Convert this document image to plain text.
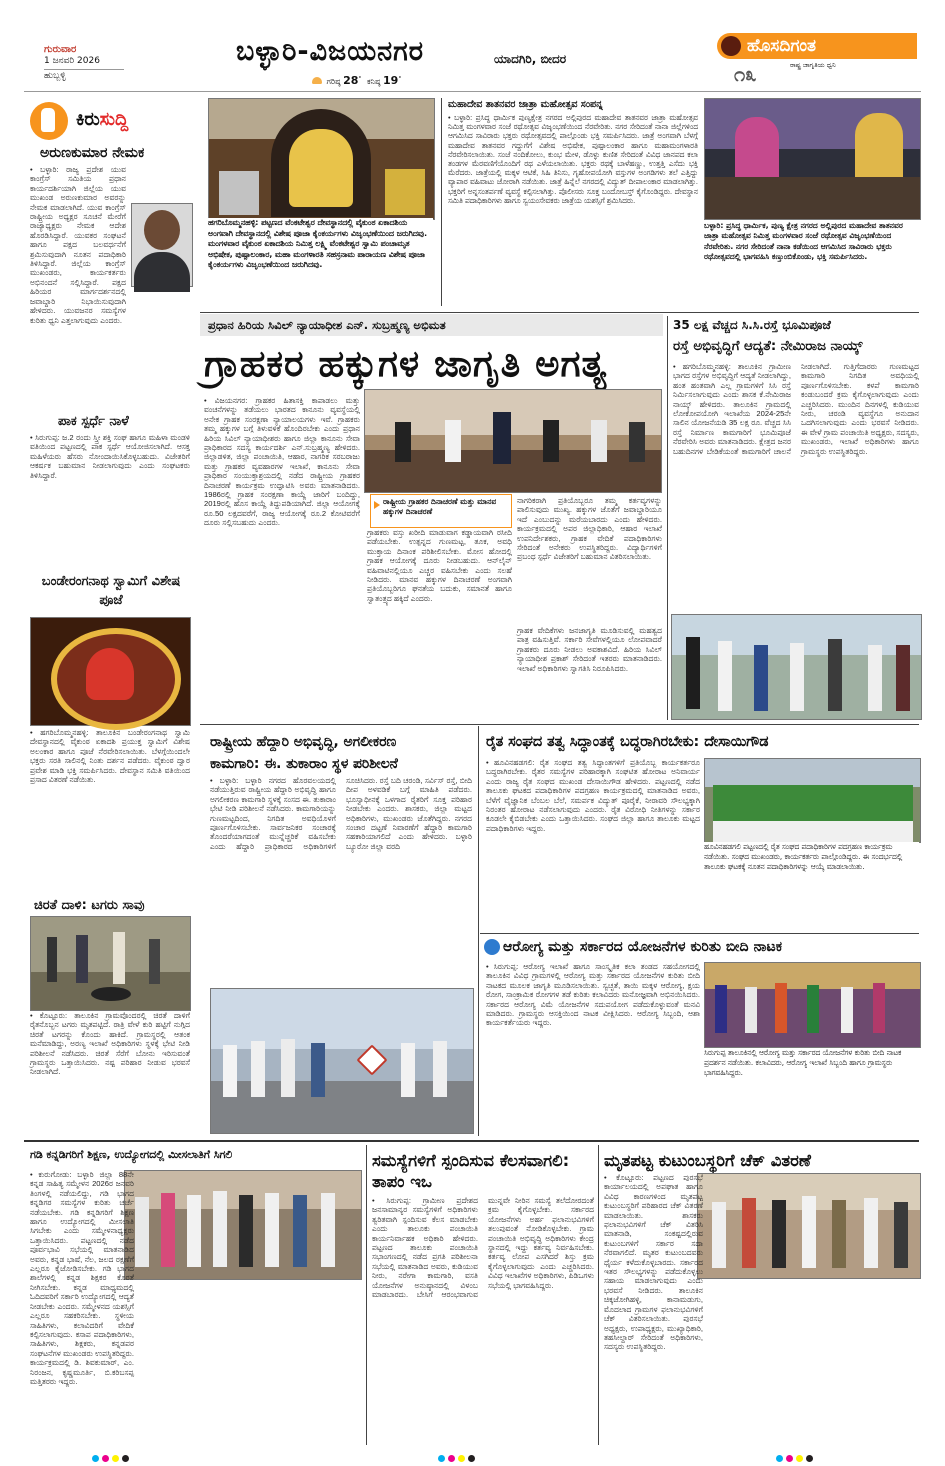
ಗುರುವಾರ
1 ಜನವರಿ 2026
ಹುಬ್ಬಳ್ಳಿ
ಬಳ್ಳಾರಿ-ವಿಜಯನಗರ	ಯಾದಗಿರಿ, ಬೀದರ
ಗರಿಷ್ಠ 28° ಕನಿಷ್ಠ 19°
ಹೊಸದಿಗಂತ
ರಾಷ್ಟ್ರ ಜಾಗೃತಿಯ ಧ್ವನಿ
೧೩
ಕಿರುಸುದ್ದಿ
ಅರುಣಕುಮಾರ ನೇಮಕ

• ಬಳ್ಳಾರಿ: ರಾಜ್ಯ ಪ್ರದೇಶ ಯುವ ಕಾಂಗ್ರೆಸ್ ಸಮಿತಿಯ ಪ್ರಧಾನ ಕಾರ್ಯದರ್ಶಿಯಾಗಿ ಜಿಲ್ಲೆಯ ಯುವ ಮುಖಂಡ ಅರುಣಕುಮಾರ ಅವರನ್ನು ನೇಮಕ ಮಾಡಲಾಗಿದೆ. ಯುವ ಕಾಂಗ್ರೆಸ್ ರಾಷ್ಟ್ರೀಯ ಅಧ್ಯಕ್ಷರ ಸೂಚನೆ ಮೇರೆಗೆ ರಾಜ್ಯಾಧ್ಯಕ್ಷರು ನೇಮಕ ಆದೇಶ ಹೊರಡಿಸಿದ್ದಾರೆ. ಯುವಕರ ಸಂಘಟನೆ ಹಾಗೂ ಪಕ್ಷದ ಬಲವರ್ಧನೆಗೆ ಶ್ರಮಿಸುವುದಾಗಿ ನೂತನ ಪದಾಧಿಕಾರಿ ತಿಳಿಸಿದ್ದಾರೆ. ಜಿಲ್ಲೆಯ ಕಾಂಗ್ರೆಸ್ ಮುಖಂಡರು, ಕಾರ್ಯಕರ್ತರು ಅಭಿನಂದನೆ ಸಲ್ಲಿಸಿದ್ದಾರೆ. ಪಕ್ಷದ ಹಿರಿಯರ ಮಾರ್ಗದರ್ಶನದಲ್ಲಿ ಜವಾಬ್ದಾರಿ ನಿಭಾಯಿಸುವುದಾಗಿ ಹೇಳಿದರು. ಯುವಜನರ ಸಮಸ್ಯೆಗಳ ಕುರಿತು ಧ್ವನಿ ಎತ್ತಲಾಗುವುದು ಎಂದರು.

ಪಾಕ ಸ್ಪರ್ಧೆ ನಾಳೆ

• ಸಿರುಗುಪ್ಪ: ಜ.2 ರಂದು ಸ್ತ್ರೀ ಶಕ್ತಿ ಸಂಘ ಹಾಗೂ ಮಹಿಳಾ ಮಂಡಳಿ ವತಿಯಿಂದ ಪಟ್ಟಣದಲ್ಲಿ ಪಾಕ ಸ್ಪರ್ಧೆ ಆಯೋಜಿಸಲಾಗಿದೆ. ಆಸಕ್ತ ಮಹಿಳೆಯರು ಹೆಸರು ನೋಂದಾಯಿಸಿಕೊಳ್ಳಬಹುದು. ವಿಜೇತರಿಗೆ ಆಕರ್ಷಕ ಬಹುಮಾನ ನೀಡಲಾಗುವುದು ಎಂದು ಸಂಘಟಕರು ತಿಳಿಸಿದ್ದಾರೆ.

ಬಂಡೇರಂಗನಾಥ ಸ್ವಾಮಿಗೆ ವಿಶೇಷ ಪೂಜೆ

• ಹಗರಿಬೊಮ್ಮನಹಳ್ಳಿ: ತಾಲೂಕಿನ ಬಂಡೇರಂಗನಾಥ ಸ್ವಾಮಿ ದೇವಸ್ಥಾನದಲ್ಲಿ ವೈಕುಂಠ ಏಕಾದಶಿ ಪ್ರಯುಕ್ತ ಸ್ವಾಮಿಗೆ ವಿಶೇಷ ಅಲಂಕಾರ ಹಾಗೂ ಪೂಜೆ ನೆರವೇರಿಸಲಾಯಿತು. ಬೆಳಗ್ಗೆಯಿಂದಲೇ ಭಕ್ತರು ಸರತಿ ಸಾಲಿನಲ್ಲಿ ನಿಂತು ದರ್ಶನ ಪಡೆದರು. ವೈಕುಂಠ ದ್ವಾರ ಪ್ರವೇಶ ಮಾಡಿ ಭಕ್ತಿ ಸಮರ್ಪಿಸಿದರು. ದೇವಸ್ಥಾನ ಸಮಿತಿ ವತಿಯಿಂದ ಪ್ರಸಾದ ವಿತರಣೆ ನಡೆಯಿತು.

ಚಿರತೆ ದಾಳಿ: ಟಗರು ಸಾವು

• ಕೊಟ್ಟೂರು: ತಾಲೂಕಿನ ಗ್ರಾಮವೊಂದರಲ್ಲಿ ಚಿರತೆ ದಾಳಿಗೆ ರೈತನೊಬ್ಬನ ಟಗರು ಮೃತಪಟ್ಟಿದೆ. ರಾತ್ರಿ ವೇಳೆ ಕುರಿ ಹಟ್ಟಿಗೆ ನುಗ್ಗಿದ ಚಿರತೆ ಟಗರನ್ನು ಕೊಂದು ಹಾಕಿದೆ. ಗ್ರಾಮಸ್ಥರಲ್ಲಿ ಆತಂಕ ಮನೆಮಾಡಿದ್ದು, ಅರಣ್ಯ ಇಲಾಖೆ ಅಧಿಕಾರಿಗಳು ಸ್ಥಳಕ್ಕೆ ಭೇಟಿ ನೀಡಿ ಪರಿಶೀಲನೆ ನಡೆಸಿದರು. ಚಿರತೆ ಸೆರೆಗೆ ಬೋನು ಇರಿಸುವಂತೆ ಗ್ರಾಮಸ್ಥರು ಒತ್ತಾಯಿಸಿದರು. ನಷ್ಟ ಪರಿಹಾರ ನೀಡುವ ಭರವಸೆ ನೀಡಲಾಗಿದೆ.

ಹಗರಿಬೊಮ್ಮನಹಳ್ಳಿ: ಪಟ್ಟಣದ ವೆಂಕಟೇಶ್ವರ ದೇವಸ್ಥಾನದಲ್ಲಿ ವೈಕುಂಠ ಏಕಾದಶಿಯ ಅಂಗವಾಗಿ ದೇವಸ್ಥಾನದಲ್ಲಿ ವಿಶೇಷ ಪೂಜಾ ಕೈಂಕರ್ಯಗಳು ವಿಜೃಂಭಣೆಯಿಂದ ಜರುಗಿದವು. ಮಂಗಳವಾರ ವೈಕುಂಠ ಏಕಾದಶಿಯ ನಿಮಿತ್ತ ಲಕ್ಷ್ಮಿ ವೆಂಕಟೇಶ್ವರ ಸ್ವಾಮಿ ಪಂಚಾಮೃತ ಅಭಿಷೇಕ, ಪುಷ್ಪಾಲಂಕಾರ, ಮಹಾ ಮಂಗಳಾರತಿ ಸಹಸ್ರನಾಮ ಪಾರಾಯಣ ವಿಶೇಷ ಪೂಜಾ ಕೈಂಕರ್ಯಗಳು ವಿಜೃಂಭಣೆಯಿಂದ ಜರುಗಿದವು.
ಮಹಾದೇವ ತಾತನವರ ಜಾತ್ರಾ ಮಹೋತ್ಸವ ಸಂಪನ್ನ

• ಬಳ್ಳಾರಿ: ಪ್ರಸಿದ್ಧ ಧಾರ್ಮಿಕ ಪುಣ್ಯಕ್ಷೇತ್ರ ನಗರದ ಅಲ್ಲಿಪುರದ ಮಹಾದೇವ ತಾತನವರ ಜಾತ್ರಾ ಮಹೋತ್ಸವ ನಿಮಿತ್ತ ಮಂಗಳವಾರ ಸಂಜೆ ರಥೋತ್ಸವ ವಿಜೃಂಭಣೆಯಿಂದ ನೆರವೇರಿತು. ನಗರ ಸೇರಿದಂತೆ ನಾನಾ ಜಿಲ್ಲೆಗಳಿಂದ ಆಗಮಿಸಿದ ಸಾವಿರಾರು ಭಕ್ತರು ರಥೋತ್ಸವದಲ್ಲಿ ಪಾಲ್ಗೊಂಡು ಭಕ್ತಿ ಸಮರ್ಪಿಸಿದರು. ಜಾತ್ರೆ ಅಂಗವಾಗಿ ಬೆಳಗ್ಗೆ ಮಹಾದೇವ ತಾತನವರ ಗದ್ದುಗೆಗೆ ವಿಶೇಷ ಅಭಿಷೇಕ, ಪುಷ್ಪಾಲಂಕಾರ ಹಾಗೂ ಮಹಾಮಂಗಳಾರತಿ ನೆರವೇರಿಸಲಾಯಿತು. ಸಂಜೆ ನಂದಿಕೋಲು, ಕುಂಭ ಮೇಳ, ಡೊಳ್ಳು ಕುಣಿತ ಸೇರಿದಂತೆ ವಿವಿಧ ಜಾನಪದ ಕಲಾ ತಂಡಗಳ ಮೆರವಣಿಗೆಯೊಂದಿಗೆ ರಥ ಎಳೆಯಲಾಯಿತು. ಭಕ್ತರು ರಥಕ್ಕೆ ಬಾಳೆಹಣ್ಣು, ಉತ್ತತ್ತಿ ಎಸೆದು ಭಕ್ತಿ ಮೆರೆದರು. ಜಾತ್ರೆಯಲ್ಲಿ ಮಕ್ಕಳ ಆಟಿಕೆ, ಸಿಹಿ ತಿನಿಸು, ಗೃಹೋಪಯೋಗಿ ವಸ್ತುಗಳ ಅಂಗಡಿಗಳು ತಲೆ ಎತ್ತಿದ್ದು ವ್ಯಾಪಾರ ವಹಿವಾಟು ಜೋರಾಗಿ ನಡೆಯಿತು. ಜಾತ್ರೆ ಹಿನ್ನೆಲೆ ನಗರದಲ್ಲಿ ವಿದ್ಯುತ್ ದೀಪಾಲಂಕಾರ ಮಾಡಲಾಗಿತ್ತು. ಭಕ್ತರಿಗೆ ಅನ್ನಸಂತರ್ಪಣೆ ವ್ಯವಸ್ಥೆ ಕಲ್ಪಿಸಲಾಗಿತ್ತು. ಪೊಲೀಸರು ಸೂಕ್ತ ಬಂದೋಬಸ್ತ್ ಕೈಗೊಂಡಿದ್ದರು. ದೇವಸ್ಥಾನ ಸಮಿತಿ ಪದಾಧಿಕಾರಿಗಳು ಹಾಗೂ ಸ್ವಯಂಸೇವಕರು ಜಾತ್ರೆಯ ಯಶಸ್ಸಿಗೆ ಶ್ರಮಿಸಿದರು.

ಬಳ್ಳಾರಿ: ಪ್ರಸಿದ್ಧ ಧಾರ್ಮಿಕ, ಪುಣ್ಯ ಕ್ಷೇತ್ರ ನಗರದ ಅಲ್ಲಿಪುರದ ಮಹಾದೇವ ತಾತನವರ ಜಾತ್ರಾ ಮಹೋತ್ಸವ ನಿಮಿತ್ತ ಮಂಗಳವಾರ ಸಂಜೆ ರಥೋತ್ಸವ ವಿಜೃಂಭಣೆಯಿಂದ ನೆರವೇರಿತು. ನಗರ ಸೇರಿದಂತೆ ನಾನಾ ಕಡೆಯಿಂದ ಆಗಮಿಸಿದ ಸಾವಿರಾರು ಭಕ್ತರು ರಥೋತ್ಸವದಲ್ಲಿ ಭಾಗವಹಿಸಿ ಕಣ್ತುಂಬಿಕೊಂಡು, ಭಕ್ತಿ ಸಮರ್ಪಿಸಿದರು.
ಪ್ರಧಾನ ಹಿರಿಯ ಸಿವಿಲ್ ನ್ಯಾಯಾಧೀಶ ಎನ್. ಸುಬ್ರಹ್ಮಣ್ಯ ಅಭಿಮತ
ಗ್ರಾಹಕರ ಹಕ್ಕುಗಳ ಜಾಗೃತಿ ಅಗತ್ಯ

• ವಿಜಯನಗರ: ಗ್ರಾಹಕರ ಹಿತಾಸಕ್ತಿ ಕಾಪಾಡಲು ಮತ್ತು ವಂಚನೆಗಳನ್ನು ತಡೆಯಲು ಭಾರತದ ಕಾನೂನು ವ್ಯವಸ್ಥೆಯಲ್ಲಿ ಅನೇಕ ಗ್ರಾಹಕ ಸಂರಕ್ಷಣಾ ನ್ಯಾಯಾಲಯಗಳು ಇವೆ. ಗ್ರಾಹಕರು ತಮ್ಮ ಹಕ್ಕುಗಳ ಬಗ್ಗೆ ತಿಳುವಳಿಕೆ ಹೊಂದಿರಬೇಕು ಎಂದು ಪ್ರಧಾನ ಹಿರಿಯ ಸಿವಿಲ್ ನ್ಯಾಯಾಧೀಶರು ಹಾಗೂ ಜಿಲ್ಲಾ ಕಾನೂನು ಸೇವಾ ಪ್ರಾಧಿಕಾರದ ಸದಸ್ಯ ಕಾರ್ಯದರ್ಶಿ ಎನ್.ಸುಬ್ರಹ್ಮಣ್ಯ ಹೇಳಿದರು. ಜಿಲ್ಲಾಡಳಿತ, ಜಿಲ್ಲಾ ಪಂಚಾಯಿತಿ, ಆಹಾರ, ನಾಗರಿಕ ಸರಬರಾಜು ಮತ್ತು ಗ್ರಾಹಕರ ವ್ಯವಹಾರಗಳ ಇಲಾಖೆ, ಕಾನೂನು ಸೇವಾ ಪ್ರಾಧಿಕಾರ ಸಂಯುಕ್ತಾಶ್ರಯದಲ್ಲಿ ನಡೆದ ರಾಷ್ಟ್ರೀಯ ಗ್ರಾಹಕರ ದಿನಾಚರಣೆ ಕಾರ್ಯಕ್ರಮ ಉದ್ಘಾಟಿಸಿ ಅವರು ಮಾತನಾಡಿದರು. 1986ರಲ್ಲಿ ಗ್ರಾಹಕ ಸಂರಕ್ಷಣಾ ಕಾಯ್ದೆ ಜಾರಿಗೆ ಬಂದಿದ್ದು, 2019ರಲ್ಲಿ ಹೊಸ ಕಾಯ್ದೆ ತಿದ್ದುಪಡಿಯಾಗಿದೆ. ಜಿಲ್ಲಾ ಆಯೋಗಕ್ಕೆ ರೂ.50 ಲಕ್ಷದವರೆಗೆ, ರಾಜ್ಯ ಆಯೋಗಕ್ಕೆ ರೂ.2 ಕೋಟಿವರೆಗೆ ದೂರು ಸಲ್ಲಿಸಬಹುದು ಎಂದರು.

ರಾಷ್ಟ್ರೀಯ ಗ್ರಾಹಕರ ದಿನಾಚರಣೆ ಮತ್ತು ಮಾನವ ಹಕ್ಕುಗಳ ದಿನಾಚರಣೆ

ಗ್ರಾಹಕರು ವಸ್ತು ಖರೀದಿ ಮಾಡುವಾಗ ಕಡ್ಡಾಯವಾಗಿ ರಸೀದಿ ಪಡೆಯಬೇಕು. ಉತ್ಪನ್ನದ ಗುಣಮಟ್ಟ, ತೂಕ, ಅವಧಿ ಮುಕ್ತಾಯ ದಿನಾಂಕ ಪರಿಶೀಲಿಸಬೇಕು. ಮೋಸ ಹೋದಲ್ಲಿ ಗ್ರಾಹಕ ಆಯೋಗಕ್ಕೆ ದೂರು ನೀಡಬಹುದು. ಆನ್‌ಲೈನ್ ವಹಿವಾಟಿನಲ್ಲಿಯೂ ಎಚ್ಚರ ವಹಿಸಬೇಕು ಎಂದು ಸಲಹೆ ನೀಡಿದರು. ಮಾನವ ಹಕ್ಕುಗಳ ದಿನಾಚರಣೆ ಅಂಗವಾಗಿ ಪ್ರತಿಯೊಬ್ಬರಿಗೂ ಘನತೆಯ ಬದುಕು, ಸಮಾನತೆ ಹಾಗೂ ಸ್ವಾತಂತ್ರ್ಯದ ಹಕ್ಕಿದೆ ಎಂದರು.

ನಾಗರಿಕರಾಗಿ ಪ್ರತಿಯೊಬ್ಬರೂ ತಮ್ಮ ಕರ್ತವ್ಯಗಳನ್ನು ಪಾಲಿಸುವುದು ಮುಖ್ಯ. ಹಕ್ಕುಗಳ ಜೊತೆಗೆ ಜವಾಬ್ದಾರಿಯೂ ಇದೆ ಎಂಬುದನ್ನು ಮರೆಯಬಾರದು ಎಂದು ಹೇಳಿದರು. ಕಾರ್ಯಕ್ರಮದಲ್ಲಿ ಅಪರ ಜಿಲ್ಲಾಧಿಕಾರಿ, ಆಹಾರ ಇಲಾಖೆ ಉಪನಿರ್ದೇಶಕರು, ಗ್ರಾಹಕ ವೇದಿಕೆ ಪದಾಧಿಕಾರಿಗಳು ಸೇರಿದಂತೆ ಅನೇಕರು ಉಪಸ್ಥಿತರಿದ್ದರು. ವಿದ್ಯಾರ್ಥಿಗಳಿಗೆ ಪ್ರಬಂಧ ಸ್ಪರ್ಧೆ ವಿಜೇತರಿಗೆ ಬಹುಮಾನ ವಿತರಿಸಲಾಯಿತು.

ಗ್ರಾಹಕ ವೇದಿಕೆಗಳು ಜನಜಾಗೃತಿ ಮೂಡಿಸುವಲ್ಲಿ ಮಹತ್ವದ ಪಾತ್ರ ವಹಿಸುತ್ತಿವೆ. ಸರ್ಕಾರಿ ಸೇವೆಗಳಲ್ಲಿಯೂ ಲೋಪವಾದರೆ ಗ್ರಾಹಕರು ದೂರು ನೀಡಲು ಅವಕಾಶವಿದೆ. ಹಿರಿಯ ಸಿವಿಲ್ ನ್ಯಾಯಾಧೀಶ ಪ್ರಕಾಶ್ ಸೇರಿದಂತೆ ಇತರರು ಮಾತನಾಡಿದರು. ಇಲಾಖೆ ಅಧಿಕಾರಿಗಳು ಸ್ವಾಗತಿಸಿ ನಿರೂಪಿಸಿದರು.

35 ಲಕ್ಷ ವೆಚ್ಚದ ಸಿ.ಸಿ.ರಸ್ತೆ ಭೂಮಿಪೂಜೆ
ರಸ್ತೆ ಅಭಿವೃದ್ಧಿಗೆ ಆದ್ಯತೆ: ನೇಮಿರಾಜ ನಾಯ್ಕ್
• ಹಗರಿಬೊಮ್ಮನಹಳ್ಳಿ: ತಾಲೂಕಿನ ಗ್ರಾಮೀಣ ಭಾಗದ ರಸ್ತೆಗಳ ಅಭಿವೃದ್ಧಿಗೆ ಆದ್ಯತೆ ನೀಡಲಾಗಿದ್ದು, ಹಂತ ಹಂತವಾಗಿ ಎಲ್ಲ ಗ್ರಾಮಗಳಿಗೆ ಸಿಸಿ ರಸ್ತೆ ನಿರ್ಮಿಸಲಾಗುವುದು ಎಂದು ಶಾಸಕ ಕೆ.ನೇಮಿರಾಜ ನಾಯ್ಕ್ ಹೇಳಿದರು. ತಾಲೂಕಿನ ಗ್ರಾಮದಲ್ಲಿ ಲೋಕೋಪಯೋಗಿ ಇಲಾಖೆಯ 2024-25ನೇ ಸಾಲಿನ ಯೋಜನೆಯಡಿ 35 ಲಕ್ಷ ರೂ. ವೆಚ್ಚದ ಸಿಸಿ ರಸ್ತೆ ನಿರ್ಮಾಣ ಕಾಮಗಾರಿಗೆ ಭೂಮಿಪೂಜೆ ನೆರವೇರಿಸಿ ಅವರು ಮಾತನಾಡಿದರು. ಕ್ಷೇತ್ರದ ಜನರ ಬಹುದಿನಗಳ ಬೇಡಿಕೆಯಂತೆ ಕಾಮಗಾರಿಗೆ ಚಾಲನೆ ನೀಡಲಾಗಿದೆ. ಗುತ್ತಿಗೆದಾರರು ಗುಣಮಟ್ಟದ ಕಾಮಗಾರಿ ನಿಗದಿತ ಅವಧಿಯಲ್ಲಿ ಪೂರ್ಣಗೊಳಿಸಬೇಕು. ಕಳಪೆ ಕಾಮಗಾರಿ ಕಂಡುಬಂದರೆ ಕ್ರಮ ಕೈಗೊಳ್ಳಲಾಗುವುದು ಎಂದು ಎಚ್ಚರಿಸಿದರು. ಮುಂದಿನ ದಿನಗಳಲ್ಲಿ ಕುಡಿಯುವ ನೀರು, ಚರಂಡಿ ವ್ಯವಸ್ಥೆಗೂ ಅನುದಾನ ಒದಗಿಸಲಾಗುವುದು ಎಂದು ಭರವಸೆ ನೀಡಿದರು. ಈ ವೇಳೆ ಗ್ರಾಮ ಪಂಚಾಯಿತಿ ಅಧ್ಯಕ್ಷರು, ಸದಸ್ಯರು, ಮುಖಂಡರು, ಇಲಾಖೆ ಅಧಿಕಾರಿಗಳು ಹಾಗೂ ಗ್ರಾಮಸ್ಥರು ಉಪಸ್ಥಿತರಿದ್ದರು.
ರಾಷ್ಟ್ರೀಯ ಹೆದ್ದಾರಿ ಅಭಿವೃದ್ಧಿ, ಅಗಲೀಕರಣ
ಕಾಮಗಾರಿ: ಈ. ತುಕಾರಾಂ ಸ್ಥಳ ಪರಿಶೀಲನೆ
• ಬಳ್ಳಾರಿ: ಬಳ್ಳಾರಿ ನಗರದ ಹೊರವಲಯದಲ್ಲಿ ನಡೆಯುತ್ತಿರುವ ರಾಷ್ಟ್ರೀಯ ಹೆದ್ದಾರಿ ಅಭಿವೃದ್ಧಿ ಹಾಗೂ ಅಗಲೀಕರಣ ಕಾಮಗಾರಿ ಸ್ಥಳಕ್ಕೆ ಸಂಸದ ಈ. ತುಕಾರಾಂ ಭೇಟಿ ನೀಡಿ ಪರಿಶೀಲನೆ ನಡೆಸಿದರು. ಕಾಮಗಾರಿಯನ್ನು ಗುಣಮಟ್ಟದಿಂದ, ನಿಗದಿತ ಅವಧಿಯೊಳಗೆ ಪೂರ್ಣಗೊಳಿಸಬೇಕು. ಸಾರ್ವಜನಿಕರ ಸಂಚಾರಕ್ಕೆ ತೊಂದರೆಯಾಗದಂತೆ ಮುನ್ನೆಚ್ಚರಿಕೆ ವಹಿಸಬೇಕು ಎಂದು ಹೆದ್ದಾರಿ ಪ್ರಾಧಿಕಾರದ ಅಧಿಕಾರಿಗಳಿಗೆ ಸೂಚಿಸಿದರು. ರಸ್ತೆ ಬದಿ ಚರಂಡಿ, ಸರ್ವಿಸ್ ರಸ್ತೆ, ಬೀದಿ ದೀಪ ಅಳವಡಿಕೆ ಬಗ್ಗೆ ಮಾಹಿತಿ ಪಡೆದರು. ಭೂಸ್ವಾಧೀನಕ್ಕೆ ಒಳಗಾದ ರೈತರಿಗೆ ಸೂಕ್ತ ಪರಿಹಾರ ನೀಡಬೇಕು ಎಂದರು. ಶಾಸಕರು, ಜಿಲ್ಲಾ ಮಟ್ಟದ ಅಧಿಕಾರಿಗಳು, ಮುಖಂಡರು ಜೊತೆಗಿದ್ದರು. ನಗರದ ಸಂಚಾರ ದಟ್ಟಣೆ ನಿವಾರಣೆಗೆ ಹೆದ್ದಾರಿ ಕಾಮಗಾರಿ ಸಹಕಾರಿಯಾಗಲಿದೆ ಎಂದು ಹೇಳಿದರು. ಬಳ್ಳಾರಿ ಬ್ಯೂರೋ ಜಿಲ್ಲಾ ವರದಿ
ರೈತ ಸಂಘದ ತತ್ವ ಸಿದ್ಧಾಂತಕ್ಕೆ ಬದ್ಧರಾಗಿರಬೇಕು: ದೇಸಾಯಿಗೌಡ

• ಹೂವಿನಹಡಗಲಿ: ರೈತ ಸಂಘದ ತತ್ವ ಸಿದ್ಧಾಂತಗಳಿಗೆ ಪ್ರತಿಯೊಬ್ಬ ಕಾರ್ಯಕರ್ತರೂ ಬದ್ಧರಾಗಿರಬೇಕು. ರೈತರ ಸಮಸ್ಯೆಗಳ ಪರಿಹಾರಕ್ಕಾಗಿ ಸಂಘಟಿತ ಹೋರಾಟ ಅನಿವಾರ್ಯ ಎಂದು ರಾಜ್ಯ ರೈತ ಸಂಘದ ಮುಖಂಡ ದೇಸಾಯಿಗೌಡ ಹೇಳಿದರು. ಪಟ್ಟಣದಲ್ಲಿ ನಡೆದ ತಾಲೂಕು ಘಟಕದ ಪದಾಧಿಕಾರಿಗಳ ಪದಗ್ರಹಣ ಕಾರ್ಯಕ್ರಮದಲ್ಲಿ ಮಾತನಾಡಿದ ಅವರು, ಬೆಳೆಗೆ ವೈಜ್ಞಾನಿಕ ಬೆಂಬಲ ಬೆಲೆ, ಸಮರ್ಪಕ ವಿದ್ಯುತ್ ಪೂರೈಕೆ, ನೀರಾವರಿ ಸೌಲಭ್ಯಕ್ಕಾಗಿ ನಿರಂತರ ಹೋರಾಟ ನಡೆಸಲಾಗುವುದು ಎಂದರು. ರೈತ ವಿರೋಧಿ ನೀತಿಗಳನ್ನು ಸರ್ಕಾರ ಕೂಡಲೇ ಕೈಬಿಡಬೇಕು ಎಂದು ಒತ್ತಾಯಿಸಿದರು. ಸಂಘದ ಜಿಲ್ಲಾ ಹಾಗೂ ತಾಲೂಕು ಮಟ್ಟದ ಪದಾಧಿಕಾರಿಗಳು ಇದ್ದರು.

ಹೂವಿನಹಡಗಲಿ ಪಟ್ಟಣದಲ್ಲಿ ರೈತ ಸಂಘದ ಪದಾಧಿಕಾರಿಗಳ ಪದಗ್ರಹಣ ಕಾರ್ಯಕ್ರಮ ನಡೆಯಿತು. ಸಂಘದ ಮುಖಂಡರು, ಕಾರ್ಯಕರ್ತರು ಪಾಲ್ಗೊಂಡಿದ್ದರು. ಈ ಸಂದರ್ಭದಲ್ಲಿ ತಾಲೂಕು ಘಟಕಕ್ಕೆ ನೂತನ ಪದಾಧಿಕಾರಿಗಳನ್ನು ಆಯ್ಕೆ ಮಾಡಲಾಯಿತು.
ಆರೋಗ್ಯ ಮತ್ತು ಸರ್ಕಾರದ ಯೋಜನೆಗಳ ಕುರಿತು ಬೀದಿ ನಾಟಕ

• ಸಿರುಗುಪ್ಪ: ಆರೋಗ್ಯ ಇಲಾಖೆ ಹಾಗೂ ಸಾಂಸ್ಕೃತಿಕ ಕಲಾ ತಂಡದ ಸಹಯೋಗದಲ್ಲಿ ತಾಲೂಕಿನ ವಿವಿಧ ಗ್ರಾಮಗಳಲ್ಲಿ ಆರೋಗ್ಯ ಮತ್ತು ಸರ್ಕಾರದ ಯೋಜನೆಗಳ ಕುರಿತು ಬೀದಿ ನಾಟಕದ ಮೂಲಕ ಜಾಗೃತಿ ಮೂಡಿಸಲಾಯಿತು. ಸ್ವಚ್ಛತೆ, ತಾಯಿ ಮಕ್ಕಳ ಆರೋಗ್ಯ, ಕ್ಷಯ ರೋಗ, ಸಾಂಕ್ರಾಮಿಕ ರೋಗಗಳ ತಡೆ ಕುರಿತು ಕಲಾವಿದರು ಮನೋಜ್ಞವಾಗಿ ಅಭಿನಯಿಸಿದರು. ಸರ್ಕಾರದ ಆರೋಗ್ಯ ವಿಮೆ ಯೋಜನೆಗಳ ಸದುಪಯೋಗ ಪಡೆದುಕೊಳ್ಳುವಂತೆ ಮನವಿ ಮಾಡಿದರು. ಗ್ರಾಮಸ್ಥರು ಆಸಕ್ತಿಯಿಂದ ನಾಟಕ ವೀಕ್ಷಿಸಿದರು. ಆರೋಗ್ಯ ಸಿಬ್ಬಂದಿ, ಆಶಾ ಕಾರ್ಯಕರ್ತೆಯರು ಇದ್ದರು.

ಸಿರುಗುಪ್ಪ ತಾಲೂಕಿನಲ್ಲಿ ಆರೋಗ್ಯ ಮತ್ತು ಸರ್ಕಾರದ ಯೋಜನೆಗಳ ಕುರಿತು ಬೀದಿ ನಾಟಕ ಪ್ರದರ್ಶನ ನಡೆಯಿತು. ಕಲಾವಿದರು, ಆರೋಗ್ಯ ಇಲಾಖೆ ಸಿಬ್ಬಂದಿ ಹಾಗೂ ಗ್ರಾಮಸ್ಥರು ಭಾಗವಹಿಸಿದ್ದರು.
ಗಡಿ ಕನ್ನಡಿಗರಿಗೆ ಶಿಕ್ಷಣ, ಉದ್ಯೋಗದಲ್ಲಿ ಮೀಸಲಾತಿಗೆ ಸಿಗಲಿ
• ಕುರುಗೋಡು: ಬಳ್ಳಾರಿ ಜಿಲ್ಲಾ 88ನೇ ಕನ್ನಡ ಸಾಹಿತ್ಯ ಸಮ್ಮೇಳನ 2026ರ ಜನವರಿ ತಿಂಗಳಲ್ಲಿ ನಡೆಯಲಿದ್ದು, ಗಡಿ ಭಾಗದ ಕನ್ನಡಿಗರ ಸಮಸ್ಯೆಗಳ ಕುರಿತು ಚರ್ಚೆ ನಡೆಯಬೇಕು. ಗಡಿ ಕನ್ನಡಿಗರಿಗೆ ಶಿಕ್ಷಣ ಹಾಗೂ ಉದ್ಯೋಗದಲ್ಲಿ ಮೀಸಲಾತಿ ಸಿಗಬೇಕು ಎಂದು ಸಮ್ಮೇಳನಾಧ್ಯಕ್ಷರು ಒತ್ತಾಯಿಸಿದರು. ಪಟ್ಟಣದಲ್ಲಿ ನಡೆದ ಪೂರ್ವಭಾವಿ ಸಭೆಯಲ್ಲಿ ಮಾತನಾಡಿದ ಅವರು, ಕನ್ನಡ ಭಾಷೆ, ನೆಲ, ಜಲದ ರಕ್ಷಣೆಗೆ ಎಲ್ಲರೂ ಕೈಜೋಡಿಸಬೇಕು. ಗಡಿ ಭಾಗದ ಶಾಲೆಗಳಲ್ಲಿ ಕನ್ನಡ ಶಿಕ್ಷಕರ ಕೊರತೆ ನೀಗಿಸಬೇಕು. ಕನ್ನಡ ಮಾಧ್ಯಮದಲ್ಲಿ ಓದಿದವರಿಗೆ ಸರ್ಕಾರಿ ಉದ್ಯೋಗದಲ್ಲಿ ಆದ್ಯತೆ ನೀಡಬೇಕು ಎಂದರು. ಸಮ್ಮೇಳನದ ಯಶಸ್ಸಿಗೆ ಎಲ್ಲರೂ ಸಹಕರಿಸಬೇಕು. ಸ್ಥಳೀಯ ಸಾಹಿತಿಗಳು, ಕಲಾವಿದರಿಗೆ ವೇದಿಕೆ ಕಲ್ಪಿಸಲಾಗುವುದು. ಕಸಾಪ ಪದಾಧಿಕಾರಿಗಳು, ಸಾಹಿತಿಗಳು, ಶಿಕ್ಷಕರು, ಕನ್ನಡಪರ ಸಂಘಟನೆಗಳ ಮುಖಂಡರು ಉಪಸ್ಥಿತರಿದ್ದರು. ಕಾರ್ಯಕ್ರಮದಲ್ಲಿ ಡಿ. ಶಿವಕುಮಾರ್, ಎಂ. ನಿರಂಜನ, ಕೃಷ್ಣಮೂರ್ತಿ, ಬಿ.ಕರಿಬಸಪ್ಪ ಮತ್ತಿತರರು ಇದ್ದರು.
ಸಮಸ್ಯೆಗಳಿಗೆ ಸ್ಪಂದಿಸುವ ಕೆಲಸವಾಗಲಿ: ತಾಪಂ ಇಒ
• ಸಿರುಗುಪ್ಪ: ಗ್ರಾಮೀಣ ಪ್ರದೇಶದ ಜನಸಾಮಾನ್ಯರ ಸಮಸ್ಯೆಗಳಿಗೆ ಅಧಿಕಾರಿಗಳು ತ್ವರಿತವಾಗಿ ಸ್ಪಂದಿಸುವ ಕೆಲಸ ಮಾಡಬೇಕು ಎಂದು ತಾಲೂಕು ಪಂಚಾಯಿತಿ ಕಾರ್ಯನಿರ್ವಾಹಕ ಅಧಿಕಾರಿ ಹೇಳಿದರು. ಪಟ್ಟಣದ ತಾಲೂಕು ಪಂಚಾಯಿತಿ ಸಭಾಂಗಣದಲ್ಲಿ ನಡೆದ ಪ್ರಗತಿ ಪರಿಶೀಲನಾ ಸಭೆಯಲ್ಲಿ ಮಾತನಾಡಿದ ಅವರು, ಕುಡಿಯುವ ನೀರು, ನರೇಗಾ ಕಾಮಗಾರಿ, ವಸತಿ ಯೋಜನೆಗಳ ಅನುಷ್ಠಾನದಲ್ಲಿ ವಿಳಂಬ ಮಾಡಬಾರದು. ಬೇಸಿಗೆ ಆರಂಭವಾಗುವ ಮುನ್ನವೇ ನೀರಿನ ಸಮಸ್ಯೆ ತಲೆದೋರದಂತೆ ಕ್ರಮ ಕೈಗೊಳ್ಳಬೇಕು. ಸರ್ಕಾರದ ಯೋಜನೆಗಳು ಅರ್ಹ ಫಲಾನುಭವಿಗಳಿಗೆ ತಲುಪುವಂತೆ ನೋಡಿಕೊಳ್ಳಬೇಕು. ಗ್ರಾಮ ಪಂಚಾಯಿತಿ ಅಭಿವೃದ್ಧಿ ಅಧಿಕಾರಿಗಳು ಕೇಂದ್ರ ಸ್ಥಾನದಲ್ಲಿ ಇದ್ದು ಕರ್ತವ್ಯ ನಿರ್ವಹಿಸಬೇಕು. ಕರ್ತವ್ಯ ಲೋಪ ಎಸಗಿದರೆ ಶಿಸ್ತು ಕ್ರಮ ಕೈಗೊಳ್ಳಲಾಗುವುದು ಎಂದು ಎಚ್ಚರಿಸಿದರು. ವಿವಿಧ ಇಲಾಖೆಗಳ ಅಧಿಕಾರಿಗಳು, ಪಿಡಿಒಗಳು ಸಭೆಯಲ್ಲಿ ಭಾಗವಹಿಸಿದ್ದರು.
ಮೃತಪಟ್ಟ ಕುಟುಂಬಸ್ಥರಿಗೆ ಚೆಕ್ ವಿತರಣೆ
• ಕೊಟ್ಟೂರು: ಪಟ್ಟಣದ ಪುರಸಭೆ ಕಾರ್ಯಾಲಯದಲ್ಲಿ ಅಪಘಾತ ಹಾಗೂ ವಿವಿಧ ಕಾರಣಗಳಿಂದ ಮೃತಪಟ್ಟ ಕುಟುಂಬಸ್ಥರಿಗೆ ಪರಿಹಾರದ ಚೆಕ್ ವಿತರಣೆ ಮಾಡಲಾಯಿತು. ಶಾಸಕರು ಫಲಾನುಭವಿಗಳಿಗೆ ಚೆಕ್ ವಿತರಿಸಿ ಮಾತನಾಡಿ, ಸಂಕಷ್ಟದಲ್ಲಿರುವ ಕುಟುಂಬಗಳಿಗೆ ಸರ್ಕಾರ ಸದಾ ನೆರವಾಗಲಿದೆ. ಮೃತರ ಕುಟುಂಬದವರು ಧೈರ್ಯ ಕಳೆದುಕೊಳ್ಳಬಾರದು. ಸರ್ಕಾರದ ಇತರ ಸೌಲಭ್ಯಗಳನ್ನು ಪಡೆದುಕೊಳ್ಳಲು ಸಹಾಯ ಮಾಡಲಾಗುವುದು ಎಂದು ಭರವಸೆ ನೀಡಿದರು. ತಾಲೂಕಿನ ಚಿಕ್ಕಜೋಗಿಹಳ್ಳಿ, ಕಾನಾಮಡುಗು, ಮೊದಲಾದ ಗ್ರಾಮಗಳ ಫಲಾನುಭವಿಗಳಿಗೆ ಚೆಕ್ ವಿತರಿಸಲಾಯಿತು. ಪುರಸಭೆ ಅಧ್ಯಕ್ಷರು, ಉಪಾಧ್ಯಕ್ಷರು, ಮುಖ್ಯಾಧಿಕಾರಿ, ತಹಸೀಲ್ದಾರ್ ಸೇರಿದಂತೆ ಅಧಿಕಾರಿಗಳು, ಸದಸ್ಯರು ಉಪಸ್ಥಿತರಿದ್ದರು.
